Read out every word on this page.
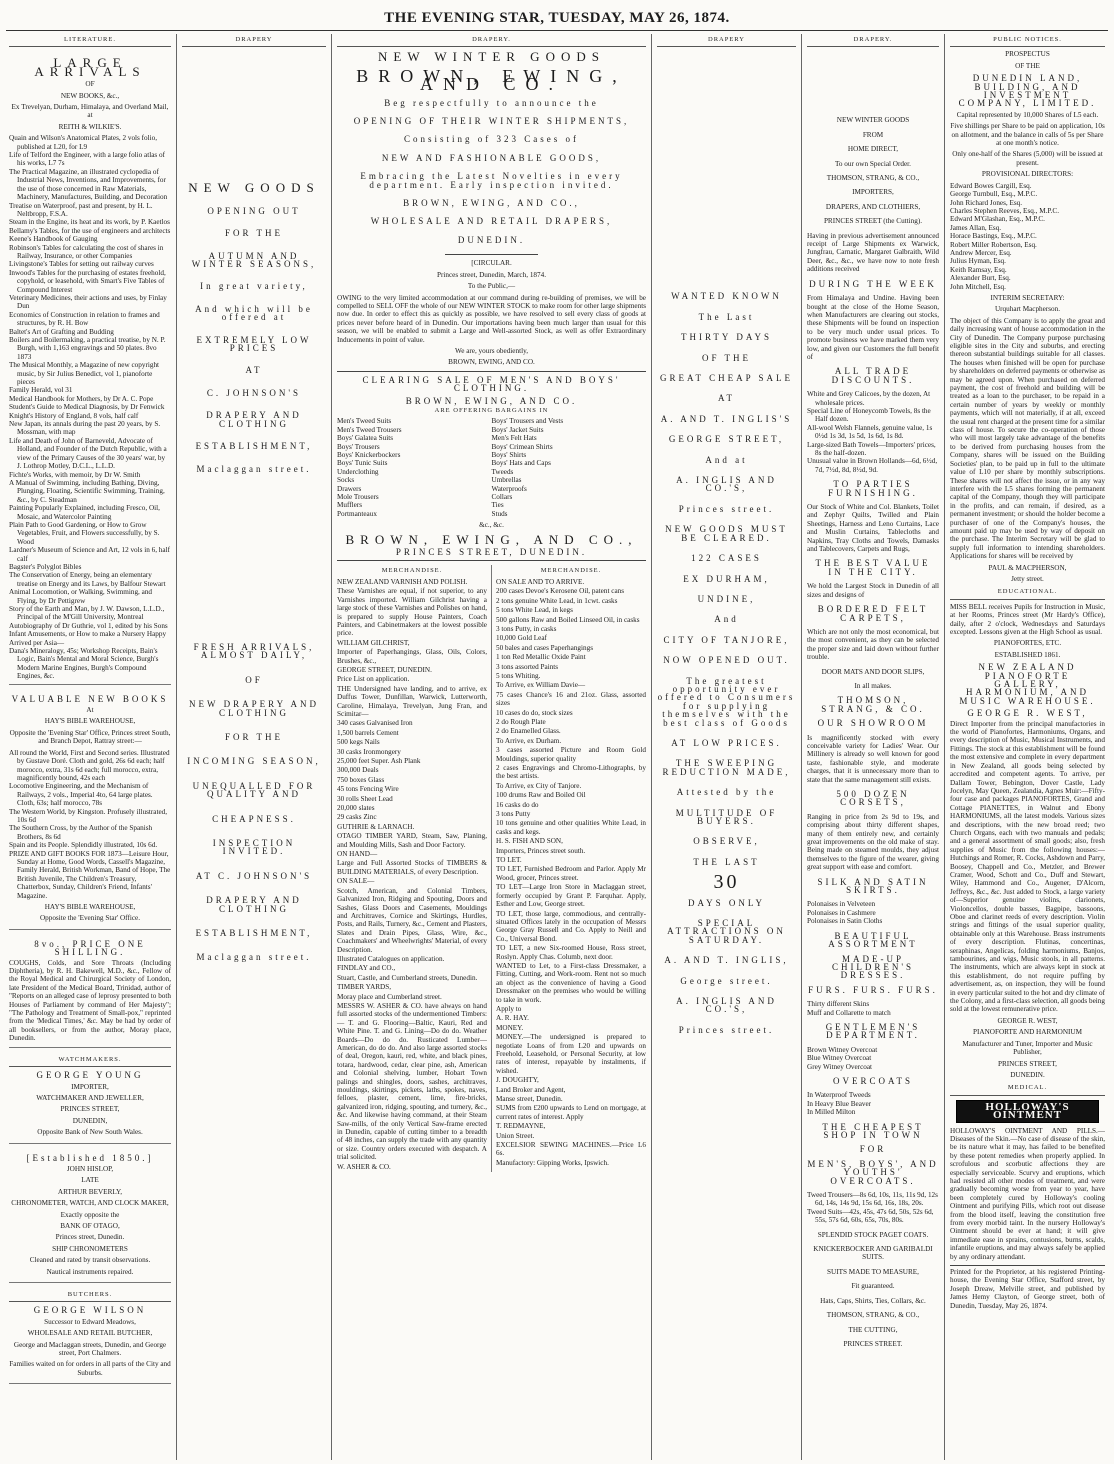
THE EVENING STAR, TUESDAY, MAY 26, 1874.
LITERATURE.
LARGE ARRIVALS
OF
NEW BOOKS, &c.,
Ex Trevelyan, Durham, Himalaya, and Overland Mail, at
REITH & WILKIE'S.
Quain and Wilson's Anatomical Plates, 2 vols folio, published at L20, for L9
Life of Telford the Engineer, with a large folio atlas of his works, L7 7s
The Practical Magazine, an illustrated cyclopedia of Industrial News, Inventions, and Improvements, for the use of those concerned in Raw Materials, Machinery, Manufactures, Building, and Decoration
Treatise on Waterproof, past and present, by H. L. Neltbropp, F.S.A.
Steam in the Engine, its heat and its work, by P. Kaetlos
Bellamy's Tables, for the use of engineers and architects
Keene's Handbook of Gauging
Robinson's Tables for calculating the cost of shares in Railway, Insurance, or other Companies
Livingstone's Tables for setting out railway curves
Inwood's Tables for the purchasing of estates freehold, copyhold, or leasehold, with Smart's Five Tables of Compound Interest
Veterinary Medicines, their actions and uses, by Finlay Dun
Economics of Construction in relation to frames and structures, by R. H. Bow
Baltet's Art of Grafting and Budding
Boilers and Boilermaking, a practical treatise, by N. P. Burgh, with 1,163 engravings and 50 plates. 8vo 1873
The Musical Monthly, a Magazine of new copyright music, by Sir Julius Benedict, vol 1, pianoforte pieces
Family Herald, vol 31
Medical Handbook for Mothers, by Dr A. C. Pope
Student's Guide to Medical Diagnosis, by Dr Fenwick
Knight's History of England, 8 vols, half calf
New Japan, its annals during the past 20 years, by S. Mossman, with map
Life and Death of John of Barneveld, Advocate of Holland, and Founder of the Dutch Republic, with a view of the Primary Causes of the 30 years' war, by J. Lothrop Motley, D.C.L., L.L.D.
Fichte's Works, with memoir, by Dr W. Smith
A Manual of Swimming, including Bathing, Diving, Plunging, Floating, Scientific Swimming, Training, &c., by C. Steadman
Painting Popularly Explained, including Fresco, Oil, Mosaic, and Watercolor Painting
Plain Path to Good Gardening, or How to Grow Vegetables, Fruit, and Flowers successfully, by S. Wood
Lardner's Museum of Science and Art, 12 vols in 6, half calf
Bagster's Polyglot Bibles
The Conservation of Energy, being an elementary treatise on Energy and its Laws, by Balfour Stewart
Animal Locomotion, or Walking, Swimming, and Flying, by Dr Pettigrew
Story of the Earth and Man, by J. W. Dawson, L.L.D., Principal of the M'Gill University, Montreal
Autobiography of Dr Guthrie, vol 1, edited by his Sons
Infant Amusements, or How to make a Nursery Happy
Arrived per Asia—
Dana's Mineralogy, 45s; Workshop Receipts, Bain's Logic, Bain's Mental and Moral Science, Burgh's Modern Marine Engines, Burgh's Compound Engines, &c.
VALUABLE NEW BOOKS
At
HAY'S BIBLE WAREHOUSE,
Opposite the 'Evening Star' Office, Princes street South, and Branch Depot, Rattray street:—
All round the World, First and Second series. Illustrated by Gustave Doré. Cloth and gold, 26s 6d each; half morocco, extra, 31s 6d each; full morocco, extra, magnificently bound, 42s each
Locomotive Engineering, and the Mechanism of Railways, 2 vols., Imperial 4to, 64 large plates. Cloth, 63s; half morocco, 78s
The Western World, by Kingston. Profusely illustrated, 10s 6d
The Southern Cross, by the Author of the Spanish Brothers, 8s 6d
Spain and its People. Splendidly illustrated, 10s 6d.
PRIZE AND GIFT BOOKS FOR 1873—Leisure Hour, Sunday at Home, Good Words, Cassell's Magazine, Family Herald, British Workman, Band of Hope, The British Juvenile, The Children's Treasury, Chatterbox, Sunday, Children's Friend, Infants' Magazine.
HAY'S BIBLE WAREHOUSE,
Opposite the 'Evening Star' Office.
8vo., PRICE ONE SHILLING.
COUGHS, Colds, and Sore Throats (Including Diphtheria), by R. H. Bakewell, M.D., &c., Fellow of the Royal Medical and Chirurgical Society of London, late President of the Medical Board, Trinidad, author of "Reports on an alleged case of leprosy presented to both Houses of Parliament by command of Her Majesty"; "The Pathology and Treatment of Small-pox," reprinted from the 'Medical Times,' &c. May be had by order of all booksellers, or from the author, Moray place, Dunedin.
WATCHMAKERS.
GEORGE YOUNG
IMPORTER,
WATCHMAKER AND JEWELLER,
PRINCES STREET,
DUNEDIN,
Opposite Bank of New South Wales.
[Established 1850.]
JOHN HISLOP,
LATE
ARTHUR BEVERLY,
CHRONOMETER, WATCH, AND CLOCK MAKER,
Exactly opposite the
BANK OF OTAGO,
Princes street, Dunedin.
SHIP CHRONOMETERS
Cleaned and rated by transit observations.
Nautical instruments repaired.
BUTCHERS.
GEORGE WILSON
Successor to Edward Meadows,
WHOLESALE AND RETAIL BUTCHER,
George and Maclaggan streets, Dunedin, and George street, Port Chalmers.
Families waited on for orders in all parts of the City and Suburbs.
DRAPERY
NEW GOODS
OPENING OUT
FOR THE
AUTUMN AND WINTER SEASONS,
In great variety,
And which will be offered at
EXTREMELY LOW PRICES
AT
C. JOHNSON'S
DRAPERY AND CLOTHING
ESTABLISHMENT,
Maclaggan street.
FRESH ARRIVALS, ALMOST DAILY,
OF
NEW DRAPERY AND CLOTHING
FOR THE
INCOMING SEASON,
UNEQUALLED FOR QUALITY AND
CHEAPNESS.
INSPECTION INVITED.
AT C. JOHNSON'S
DRAPERY AND CLOTHING
ESTABLISHMENT,
Maclaggan street.
DRAPERY.
NEW WINTER GOODS
BROWN, EWING, AND CO.
Beg respectfully to announce the
OPENING OF THEIR WINTER SHIPMENTS,
Consisting of 323 Cases of
NEW AND FASHIONABLE GOODS,
Embracing the Latest Novelties in every department. Early inspection invited.
BROWN, EWING, AND CO.,
WHOLESALE AND RETAIL DRAPERS,
DUNEDIN.
[CIRCULAR.
Princes street, Dunedin, March, 1874.
To the Public,—
OWING to the very limited accommodation at our command during re-building of premises, we will be compelled to SELL OFF the whole of our NEW WINTER STOCK to make room for other large shipments now due. In order to effect this as quickly as possible, we have resolved to sell every class of goods at prices never before heard of in Dunedin. Our importations having been much larger than usual for this season, we will be enabled to submit a Large and Well-assorted Stock, as well as offer Extraordinary Inducements in point of value.
We are, yours obediently,
BROWN, EWING, AND CO.
CLEARING SALE OF MEN'S AND BOYS' CLOTHING.
BROWN, EWING, AND CO.
ARE OFFERING BARGAINS IN
Men's Tweed Suits
Men's Tweed Trousers
Boys' Galatea Suits
Boys' Trousers
Boys' Knickerbockers
Boys' Tunic Suits
Underclothing
Socks
Drawers
Mole Trousers
Mufflers
Portmanteaux
Boys' Trousers and Vests
Boys' Jacket Suits
Men's Felt Hats
Boys' Crimean Shirts
Boys' Shirts
Boys' Hats and Caps
Tweeds
Umbrellas
Waterproofs
Collars
Ties
Studs
&c., &c.
BROWN, EWING, AND CO.,
PRINCES STREET, DUNEDIN.
MERCHANDISE.
NEW ZEALAND VARNISH AND POLISH.
These Varnishes are equal, if not superior, to any Varnishes imported. William Gilchrist having a large stock of these Varnishes and Polishes on hand, is prepared to supply House Painters, Coach Painters, and Cabinetmakers at the lowest possible price.
WILLIAM GILCHRIST,
Importer of Paperhangings, Glass, Oils, Colors, Brushes, &c.,
GEORGE STREET, DUNEDIN.
Price List on application.
THE Undersigned have landing, and to arrive, ex Duffus Tower, Dunfillan, Warwick, Lutterworth, Caroline, Himalaya, Trevelyan, Jung Fran, and Scimitar—
340 cases Galvanised Iron
1,500 barrels Cement
500 kegs Nails
30 casks Ironmongery
25,000 feet Super. Ash Plank
300,000 Deals
750 boxes Glass
45 tons Fencing Wire
30 rolls Sheet Lead
20,000 slates
29 casks Zinc
GUTHRIE & LARNACH.
OTAGO TIMBER YARD, Steam, Saw, Planing, and Moulding Mills, Sash and Door Factory.
ON HAND—
Large and Full Assorted Stocks of TIMBERS & BUILDING MATERIALS, of every Description.
ON SALE—
Scotch, American, and Colonial Timbers, Galvanized Iron, Ridging and Spouting, Doors and Sashes, Glass Doors and Casements, Mouldings and Architraves, Cornice and Skirtings, Hurdles, Posts, and Rails, Turnery, &c., Cement and Plasters, Slates and Drain Pipes, Glass, Wire, &c., Coachmakers' and Wheelwrights' Material, of every Description.
Illustrated Catalogues on application.
FINDLAY and CO.,
Stuart, Castle, and Cumberland streets, Dunedin.
TIMBER YARDS,
Moray place and Cumberland street.
MESSRS W. ASHER & CO. have always on hand full assorted stocks of the undermentioned Timbers:— T. and G. Flooring—Baltic, Kauri, Red and White Pine. T. and G. Lining—Do do do. Weather Boards—Do do do. Rusticated Lumber—American, do do do. And also large assorted stocks of deal, Oregon, kauri, red, white, and black pines, totara, hardwood, cedar, clear pine, ash, American and Colonial shelving, lumber, Hobart Town palings and shingles, doors, sashes, architraves, mouldings, skirtings, pickets, laths, spokes, naves, felloes, plaster, cement, lime, fire-bricks, galvanized iron, ridging, spouting, and turnery, &c., &c. And likewise having command, at their Steam Saw-mills, of the only Vertical Saw-frame erected in Dunedin, capable of cutting timber to a breadth of 48 inches, can supply the trade with any quantity or size. Country orders executed with despatch. A trial solicited.
W. ASHER & CO.
MERCHANDISE.
ON SALE AND TO ARRIVE.
200 cases Devoe's Kerosene Oil, patent cans
2 tons genuine White Lead, in 1cwt. casks
5 tons White Lead, in kegs
500 gallons Raw and Boiled Linseed Oil, in casks
3 tons Putty, in casks
10,000 Gold Leaf
50 bales and cases Paperhangings
1 ton Red Metallic Oxide Paint
3 tons assorted Paints
5 tons Whiting.
To Arrive, ex William Davie—
75 cases Chance's 16 and 21oz. Glass, assorted sizes
10 cases do do, stock sizes
2 do Rough Plate
2 do Enamelled Glass.
To Arrive, ex Durham.
3 cases assorted Picture and Room Gold Mouldings, superior quality
2 cases Engravings and Chromo-Lithographs, by the best artists.
To Arrive, ex City of Tanjore.
100 drums Raw and Boiled Oil
16 casks do do
3 tons Putty
10 tons genuine and other qualities White Lead, in casks and kegs.
H. S. FISH AND SON,
Importers, Princes street south.
TO LET.
TO LET, Furnished Bedroom and Parlor. Apply Mr Wood, grocer, Princes street.
TO LET—Large Iron Store in Maclaggan street, formerly occupied by Grant P. Farquhar. Apply, Esther and Low, George street.
TO LET, those large, commodious, and centrally-situated Offices lately in the occupation of Messrs George Gray Russell and Co. Apply to Neill and Co., Universal Bond.
TO LET, a new Six-roomed House, Ross street, Roslyn. Apply Chas. Columb, next door.
WANTED to Let, to a First-class Dressmaker, a Fitting, Cutting, and Work-room. Rent not so much an object as the convenience of having a Good Dressmaker on the premises who would be willing to take in work.
Apply to
A. R. HAY.
MONEY.
MONEY.—The undersigned is prepared to negotiate Loans of from L20 and upwards on Freehold, Leasehold, or Personal Security, at low rates of interest, repayable by instalments, if wished.
J. DOUGHTY,
Land Broker and Agent,
Manse street, Dunedin.
SUMS from £200 upwards to Lend on mortgage, at current rates of interest. Apply
T. REDMAYNE,
Union Street.
EXCELSIOR SEWING MACHINES.—Price L6 6s.
Manufactory: Gipping Works, Ipswich.
DRAPERY
WANTED KNOWN
The Last
THIRTY DAYS
OF THE
GREAT CHEAP SALE
AT
A. AND T. INGLIS'S
GEORGE STREET,
And at
A. INGLIS AND CO.'S,
Princes street.
NEW GOODS MUST BE CLEARED.
122 CASES
EX DURHAM,
UNDINE,
And
CITY OF TANJORE,
NOW OPENED OUT.
The greatest opportunity ever offered to Consumers for supplying themselves with the best class of Goods
AT LOW PRICES.
THE SWEEPING REDUCTION MADE,
Attested by the
MULTITUDE OF BUYERS.
OBSERVE,
THE LAST
30
DAYS ONLY
SPECIAL ATTRACTIONS ON SATURDAY.
A. AND T. INGLIS,
George street.
A. INGLIS AND CO.'S,
Princes street.
DRAPERY.
NEW WINTER GOODS
FROM
HOME DIRECT,
To our own Special Order.
THOMSON, STRANG, & CO.,
IMPORTERS,
DRAPERS, AND CLOTHIERS,
PRINCES STREET (the Cutting).
Having in previous advertisement announced receipt of Large Shipments ex Warwick, Jungfrau, Carnatic, Margaret Galbraith, Wild Deer, &c., &c., we have now to note fresh additions received
DURING THE WEEK
From Himalaya and Undine. Having been bought at the close of the Home Season, when Manufacturers are clearing out stocks, these Shipments will be found on inspection to be very much under usual prices. To promote business we have marked them very low, and given our Customers the full benefit of
ALL TRADE DISCOUNTS.
White and Grey Calicoes, by the dozen, At wholesale prices.
Special Line of Honeycomb Towels, 8s the Half dozen.
All-wool Welsh Flannels, genuine value, 1s 0½d 1s 3d, 1s 5d, 1s 6d, 1s 8d.
Large-sized Bath Towels—Importers' prices, 8s the half-dozen.
Unusual value in Brown Hollands—6d, 6½d, 7d, 7½d, 8d, 8½d, 9d.
TO PARTIES FURNISHING.
Our Stock of White and Col. Blankets, Toilet and Zephyr Quilts, Twilled and Plain Sheetings, Harness and Leno Curtains, Lace and Muslin Curtains, Tablecloths and Napkins, Tray Cloths and Towels, Damasks and Tablecovers, Carpets and Rugs,
THE BEST VALUE IN THE CITY.
We hold the Largest Stock in Dunedin of all sizes and designs of
BORDERED FELT CARPETS,
Which are not only the most economical, but the most convenient, as they can be selected the proper size and laid down without further trouble.
DOOR MATS AND DOOR SLIPS,
In all makes.
THOMSON, STRANG, & CO.
OUR SHOWROOM
Is magnificently stocked with every conceivable variety for Ladies' Wear. Our Millinery is already so well known for good taste, fashionable style, and moderate charges, that it is unnecessary more than to state that the same management still exists.
500 DOZEN CORSETS,
Ranging in price from 2s 9d to 19s, and comprising about thirty different shapes, many of them entirely new, and certainly great improvements on the old make of stay. Being made on steamed moulds, they adjust themselves to the figure of the wearer, giving great support with ease and comfort.
SILK AND SATIN SKIRTS.
Polonaises in Velveteen
Polonaises in Cashmere
Polonaises in Satin Cloths
BEAUTIFUL ASSORTMENT
MADE-UP CHILDREN'S DRESSES.
FURS. FURS. FURS.
Thirty different Skins
Muff and Collarette to match
GENTLEMEN'S DEPARTMENT.
Brown Witney Overcoat
Blue Witney Overcoat
Grey Witney Overcoat
OVERCOATS
In Waterproof Tweeds
In Heavy Blue Beaver
In Milled Milton
THE CHEAPEST SHOP IN TOWN
FOR
MEN'S, BOYS', AND YOUTHS' OVERCOATS.
Tweed Trousers—8s 6d, 10s, 11s, 11s 9d, 12s 6d, 14s, 14s 9d, 15s 6d, 16s, 18s, 20s.
Tweed Suits—42s, 45s, 47s 6d, 50s, 52s 6d, 55s, 57s 6d, 60s, 65s, 70s, 80s.
SPLENDID STOCK PAGET COATS.
KNICKERBOCKER AND GARIBALDI SUITS.
SUITS MADE TO MEASURE,
Fit guaranteed.
Hats, Caps, Shirts, Ties, Collars, &c.
THOMSON, STRANG, & CO.,
THE CUTTING,
PRINCES STREET.
PUBLIC NOTICES.
PROSPECTUS
OF THE
DUNEDIN LAND, BUILDING, AND INVESTMENT COMPANY, LIMITED.
Capital represented by 10,000 Shares of L5 each.
Five shillings per Share to be paid on application, 10s on allotment, and the balance in calls of 5s per Share at one month's notice.
Only one-half of the Shares (5,000) will be issued at present.
PROVISIONAL DIRECTORS:
Edward Bowes Cargill, Esq.
George Turnbull, Esq., M.P.C.
John Richard Jones, Esq.
Charles Stephen Reeves, Esq., M.P.C.
Edward M'Glashan, Esq., M.P.C.
James Allan, Esq.
Horace Bastings, Esq., M.P.C.
Robert Miller Robertson, Esq.
Andrew Mercer, Esq.
Julius Hyman, Esq.
Keith Ramsay, Esq.
Alexander Burt, Esq.
John Mitchell, Esq.
INTERIM SECRETARY:
Urquhart Macpherson.
The object of this Company is to apply the great and daily increasing want of house accommodation in the City of Dunedin. The Company purpose purchasing eligible sites in the City and suburbs, and erecting thereon substantial buildings suitable for all classes. The houses when finished will be open for purchase by shareholders on deferred payments or otherwise as may be agreed upon. When purchased on deferred payment, the cost of freehold and building will be treated as a loan to the purchaser, to be repaid in a certain number of years by weekly or monthly payments, which will not materially, if at all, exceed the usual rent charged at the present time for a similar class of house. To secure the co-operation of those who will most largely take advantage of the benefits to be derived from purchasing houses from the Company, shares will be issued on the Building Societies' plan, to be paid up in full to the ultimate value of L10 per share by monthly subscriptions. These shares will not affect the issue, or in any way interfere with the L5 shares forming the permanent capital of the Company, though they will participate in the profits, and can remain, if desired, as a permanent investment; or should the holder become a purchaser of one of the Company's houses, the amount paid up may be used by way of deposit on the purchase. The Interim Secretary will be glad to supply full information to intending shareholders. Applications for shares will be received by
PAUL & MACPHERSON,
Jetty street.
EDUCATIONAL.
MISS BELL receives Pupils for Instruction in Music, at her Rooms, Princes street (Mr Hardy's Office), daily, after 2 o'clock, Wednesdays and Saturdays excepted. Lessons given at the High School as usual.
PIANOFORTES, ETC.
ESTABLISHED 1861.
NEW ZEALAND PIANOFORTE GALLERY, HARMONIUM, AND MUSIC WAREHOUSE.
GEORGE R. WEST,
Direct Importer from the principal manufactories in the world of Pianofortes, Harmoniums, Organs, and every description of Music, Musical Instruments, and Fittings. The stock at this establishment will be found the most extensive and complete in every department in New Zealand, all goods being selected by accredited and competent agents. To arrive, per Dallam Tower, Bebington, Dover Castle, Lady Jocelyn, May Queen, Zealandia, Agnes Muir:—Fifty-four case and packages PIANOFORTES, Grand and Cottage PIANETTES, in Walnut and Ebony HARMONIUMS, all the latest models. Various sizes and descriptions, with the new broad reed; two Church Organs, each with two manuals and pedals; and a general assortment of small goods; also, fresh supplies of Music from the following houses:—Hutchings and Romer, R. Cocks, Ashdown and Parry, Boosey, Chappell and Co., Metzler, and Brewer Cramer, Wood, Schott and Co., Duff and Stewart, Wiley, Hammond and Co., Augener, D'Alcorn, Jeffreys, &c., &c. Just added to Stock, a large variety of—Superior genuine violins, clarionets, Violoncellos, double basses, Bagpipe, bassoons, Oboe and clarinet reeds of every description. Violin strings and fittings of the usual superior quality, obtainable only at this Warehouse. Brass instruments of every description. Flutinas, concertinas, seraphinas, Angelicas, folding harmoniums, Banjos, tambourines, and wigs, Music stools, in all patterns. The instruments, which are always kept in stock at this establishment, do not require puffing by advertisement, as, on inspection, they will be found in every particular suited to the hot and dry climate of the Colony, and a first-class selection, all goods being sold at the lowest remunerative price.
GEORGE R. WEST,
PIANOFORTE AND HARMONIUM
Manufacturer and Tuner, Importer and Music Publisher,
PRINCES STREET,
DUNEDIN.
MEDICAL.
HOLLOWAY'S OINTMENT
HOLLOWAY'S OINTMENT AND PILLS.—Diseases of the Skin.—No case of disease of the skin, be its nature what it may, has failed to be benefited by these potent remedies when properly applied. In scrofulous and scorbutic affections they are especially serviceable. Scurvy and eruptions, which had resisted all other modes of treatment, and were gradually becoming worse from year to year, have been completely cured by Holloway's cooling Ointment and purifying Pills, which root out disease from the blood itself, leaving the constitution free from every morbid taint. In the nursery Holloway's Ointment should be ever at hand; it will give immediate ease in sprains, contusions, burns, scalds, infantile eruptions, and may always safely be applied by any ordinary attendant.
Printed for the Proprietor, at his registered Printing-house, the Evening Star Office, Stafford street, by Joseph Dreaw, Melville street, and published by James Hemy Clayton, of George street, both of Dunedin, Tuesday, May 26, 1874.
